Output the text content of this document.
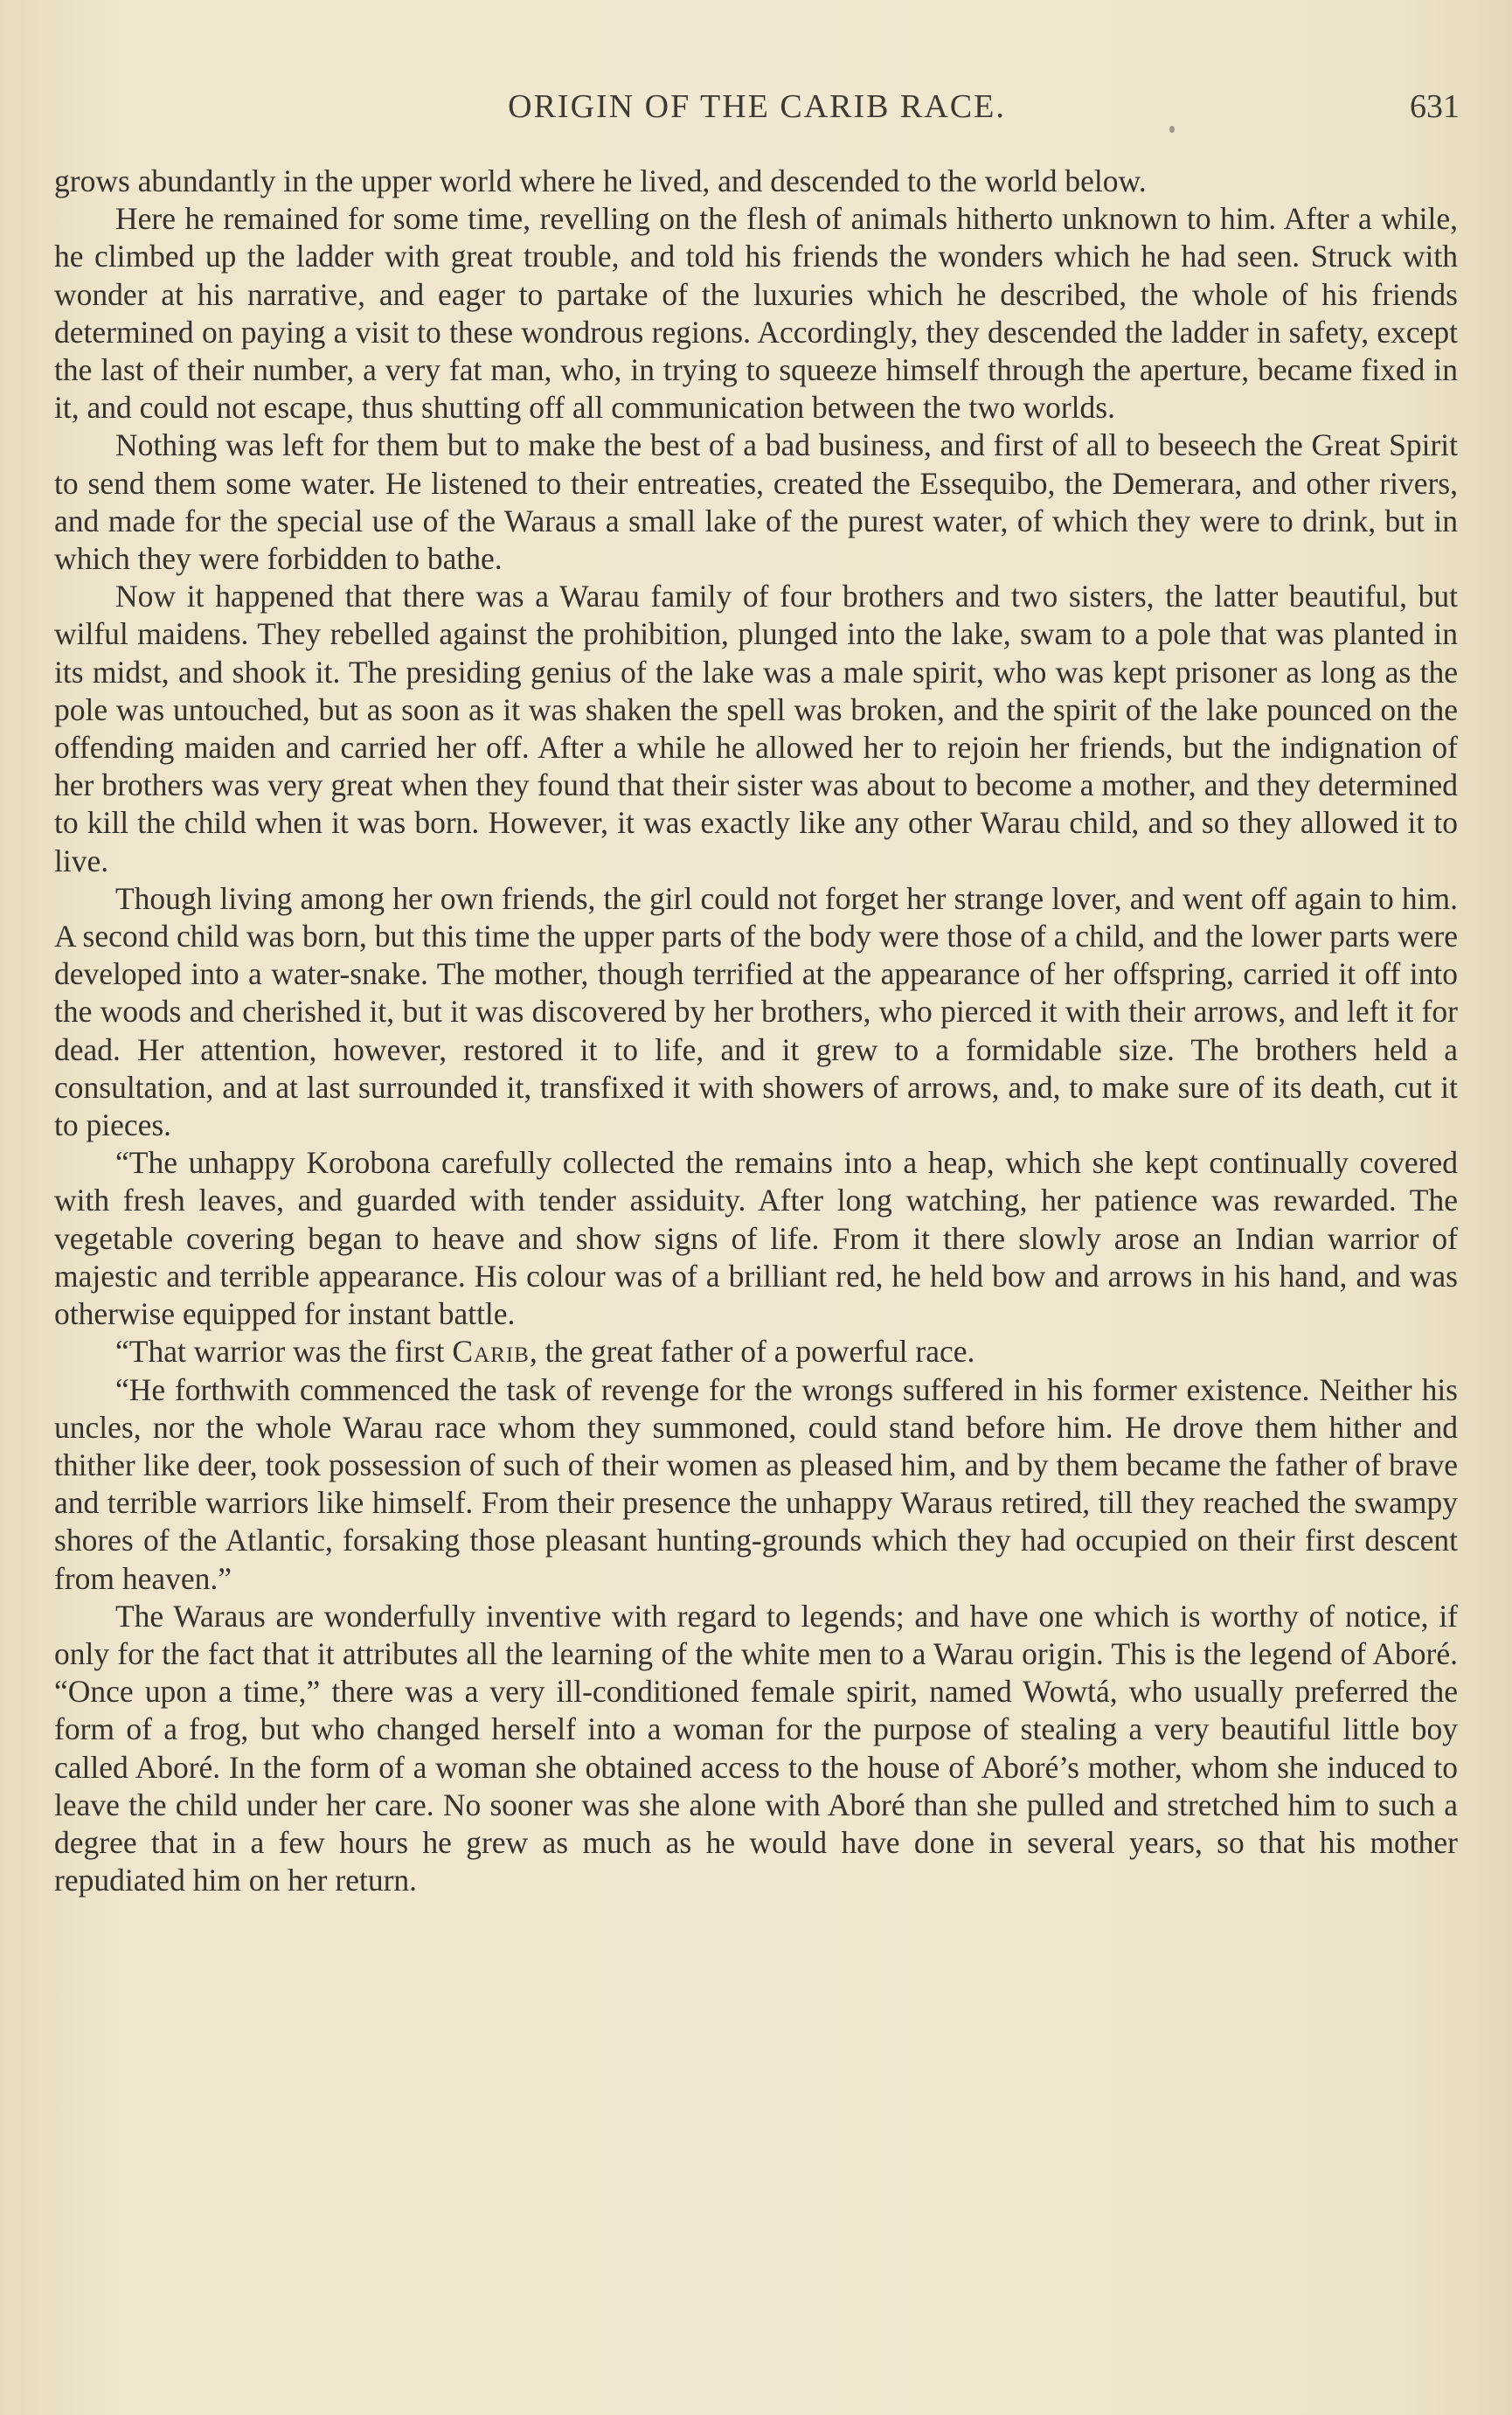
ORIGIN OF THE CARIB RACE.	631

grows abundantly in the upper world where he lived, and descended to the world below.

Here he remained for some time, revelling on the flesh of animals hitherto unknown to him. After a while, he climbed up the ladder with great trouble, and told his friends the wonders which he had seen. Struck with wonder at his narrative, and eager to partake of the luxuries which he described, the whole of his friends determined on paying a visit to these wondrous regions. Accordingly, they descended the ladder in safety, except the last of their number, a very fat man, who, in trying to squeeze himself through the aperture, became fixed in it, and could not escape, thus shutting off all communication between the two worlds.

Nothing was left for them but to make the best of a bad business, and first of all to beseech the Great Spirit to send them some water. He listened to their entreaties, created the Essequibo, the Demerara, and other rivers, and made for the special use of the Waraus a small lake of the purest water, of which they were to drink, but in which they were forbidden to bathe.

Now it happened that there was a Warau family of four brothers and two sisters, the latter beautiful, but wilful maidens. They rebelled against the prohibition, plunged into the lake, swam to a pole that was planted in its midst, and shook it. The presiding genius of the lake was a male spirit, who was kept prisoner as long as the pole was untouched, but as soon as it was shaken the spell was broken, and the spirit of the lake pounced on the offending maiden and carried her off. After a while he allowed her to rejoin her friends, but the indignation of her brothers was very great when they found that their sister was about to become a mother, and they determined to kill the child when it was born. However, it was exactly like any other Warau child, and so they allowed it to live.

Though living among her own friends, the girl could not forget her strange lover, and went off again to him. A second child was born, but this time the upper parts of the body were those of a child, and the lower parts were developed into a water-snake. The mother, though terrified at the appearance of her offspring, carried it off into the woods and cherished it, but it was discovered by her brothers, who pierced it with their arrows, and left it for dead. Her attention, however, restored it to life, and it grew to a formidable size. The brothers held a consultation, and at last surrounded it, transfixed it with showers of arrows, and, to make sure of its death, cut it to pieces.

“The unhappy Korobona carefully collected the remains into a heap, which she kept continually covered with fresh leaves, and guarded with tender assiduity. After long watching, her patience was rewarded. The vegetable covering began to heave and show signs of life. From it there slowly arose an Indian warrior of majestic and terrible appearance. His colour was of a brilliant red, he held bow and arrows in his hand, and was otherwise equipped for instant battle.

“That warrior was the first Carib, the great father of a powerful race.

“He forthwith commenced the task of revenge for the wrongs suffered in his former existence. Neither his uncles, nor the whole Warau race whom they summoned, could stand before him. He drove them hither and thither like deer, took possession of such of their women as pleased him, and by them became the father of brave and terrible warriors like himself. From their presence the unhappy Waraus retired, till they reached the swampy shores of the Atlantic, forsaking those pleasant hunting-grounds which they had occupied on their first descent from heaven.”

The Waraus are wonderfully inventive with regard to legends; and have one which is worthy of notice, if only for the fact that it attributes all the learning of the white men to a Warau origin. This is the legend of Aboré. “Once upon a time,” there was a very ill-conditioned female spirit, named Wowtá, who usually preferred the form of a frog, but who changed herself into a woman for the purpose of stealing a very beautiful little boy called Aboré. In the form of a woman she obtained access to the house of Aboré’s mother, whom she induced to leave the child under her care. No sooner was she alone with Aboré than she pulled and stretched him to such a degree that in a few hours he grew as much as he would have done in several years, so that his mother repudiated him on her return.
